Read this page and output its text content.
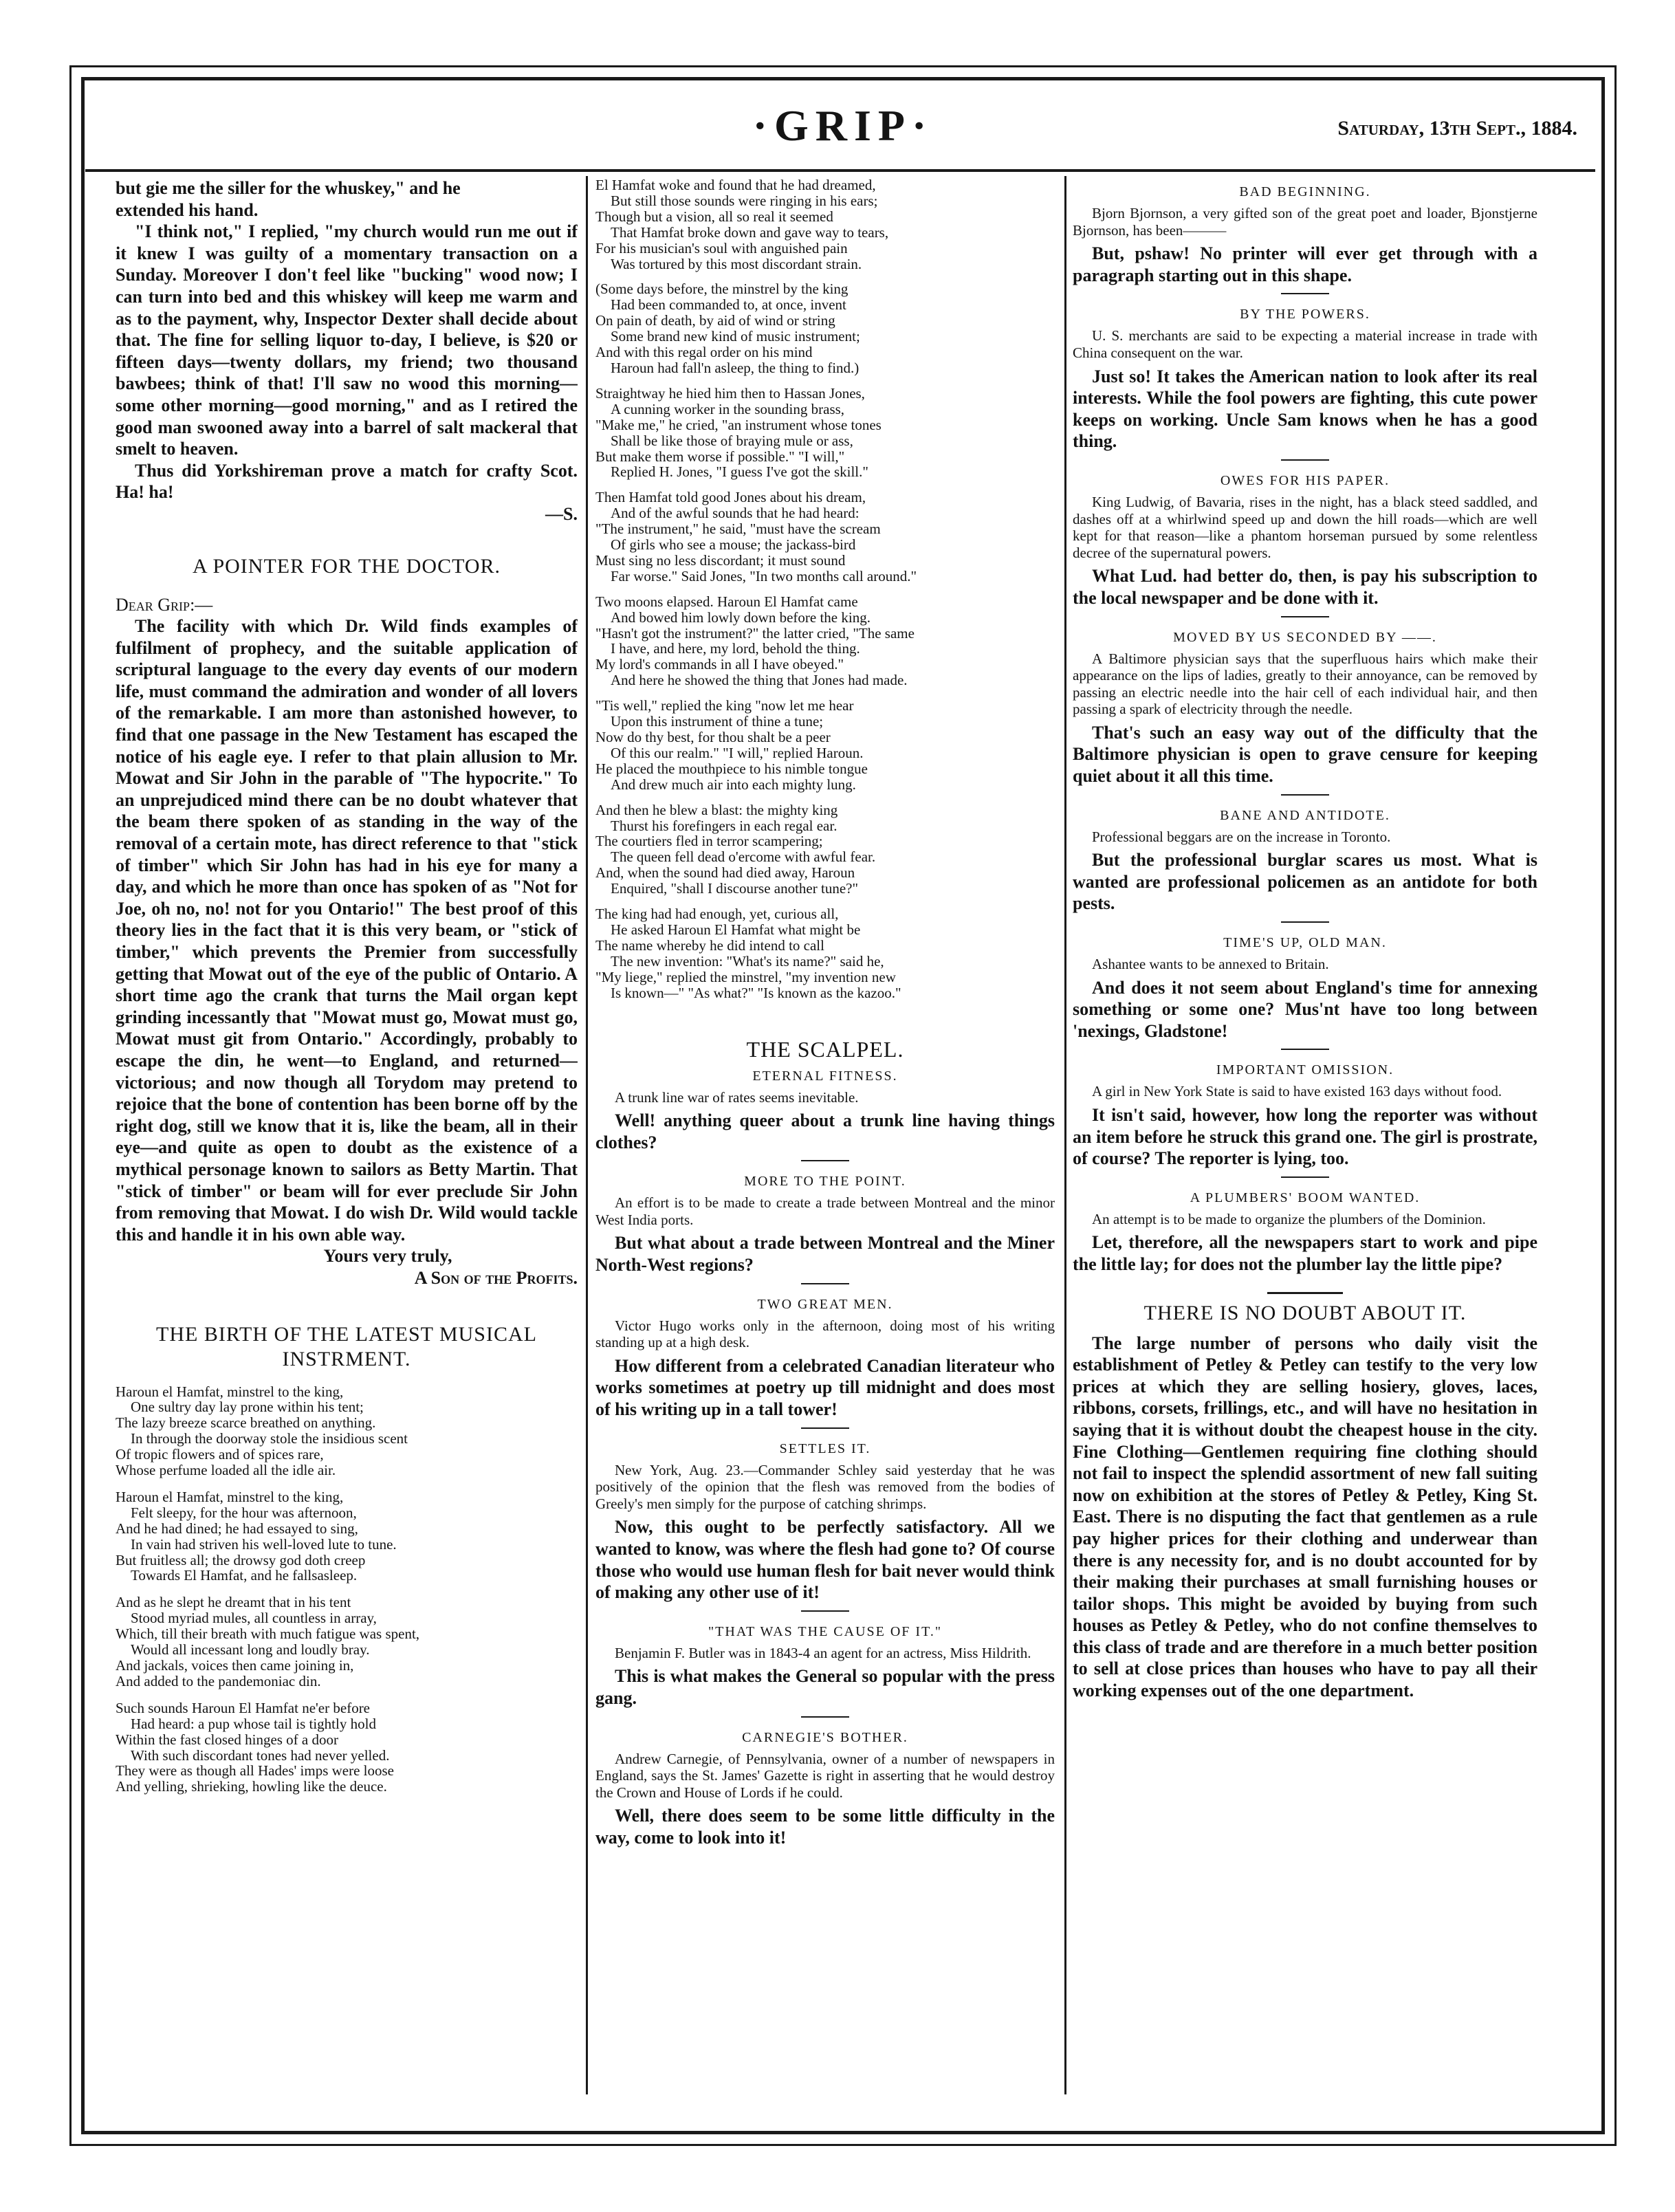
·GRIP·	Saturday, 13th Sept., 1884.

but gie me the siller for the whuskey," and he

extended his hand.

"I think not," I replied, "my church would run me out if it knew I was guilty of a momentary transaction on a Sunday. Moreover I don't feel like "bucking" wood now; I can turn into bed and this whiskey will keep me warm and as to the payment, why, Inspector Dexter shall decide about that. The fine for selling liquor to-day, I believe, is $20 or fifteen days—twenty dollars, my friend; two thousand bawbees; think of that! I'll saw no wood this morning—some other morning—good morning," and as I retired the good man swooned away into a barrel of salt mackeral that smelt to heaven.

Thus did Yorkshireman prove a match for crafty Scot. Ha! ha!

—S.

A POINTER FOR THE DOCTOR.

Dear Grip:—

The facility with which Dr. Wild finds examples of fulfilment of prophecy, and the suitable application of scriptural language to the every day events of our modern life, must command the admiration and wonder of all lovers of the remarkable. I am more than astonished however, to find that one passage in the New Testament has escaped the notice of his eagle eye. I refer to that plain allusion to Mr. Mowat and Sir John in the parable of "The hypocrite." To an unprejudiced mind there can be no doubt whatever that the beam there spoken of as standing in the way of the removal of a certain mote, has direct reference to that "stick of timber" which Sir John has had in his eye for many a day, and which he more than once has spoken of as "Not for Joe, oh no, no! not for you Ontario!" The best proof of this theory lies in the fact that it is this very beam, or "stick of timber," which prevents the Premier from successfully getting that Mowat out of the eye of the public of Ontario. A short time ago the crank that turns the Mail organ kept grinding incessantly that "Mowat must go, Mowat must go, Mowat must git from Ontario." Accordingly, probably to escape the din, he went—to England, and returned—victorious; and now though all Torydom may pretend to rejoice that the bone of contention has been borne off by the right dog, still we know that it is, like the beam, all in their eye—and quite as open to doubt as the existence of a mythical personage known to sailors as Betty Martin. That "stick of timber" or beam will for ever preclude Sir John from removing that Mowat. I do wish Dr. Wild would tackle this and handle it in his own able way.

Yours very truly,

A Son of the Profits.

THE BIRTH OF THE LATEST MUSICAL INSTRMENT.

Haroun el Hamfat, minstrel to the king,

One sultry day lay prone within his tent;

The lazy breeze scarce breathed on anything.

In through the doorway stole the insidious scent

Of tropic flowers and of spices rare,

Whose perfume loaded all the idle air.

Haroun el Hamfat, minstrel to the king,

Felt sleepy, for the hour was afternoon,

And he had dined; he had essayed to sing,

In vain had striven his well-loved lute to tune.

But fruitless all; the drowsy god doth creep

Towards El Hamfat, and he fallsasleep.

And as he slept he dreamt that in his tent

Stood myriad mules, all countless in array,

Which, till their breath with much fatigue was spent,

Would all incessant long and loudly bray.

And jackals, voices then came joining in,

And added to the pandemoniac din.

Such sounds Haroun El Hamfat ne'er before

Had heard: a pup whose tail is tightly hold

Within the fast closed hinges of a door

With such discordant tones had never yelled.

They were as though all Hades' imps were loose

And yelling, shrieking, howling like the deuce.

El Hamfat woke and found that he had dreamed,

But still those sounds were ringing in his ears;

Though but a vision, all so real it seemed

That Hamfat broke down and gave way to tears,

For his musician's soul with anguished pain

Was tortured by this most discordant strain.

(Some days before, the minstrel by the king

Had been commanded to, at once, invent

On pain of death, by aid of wind or string

Some brand new kind of music instrument;

And with this regal order on his mind

Haroun had fall'n asleep, the thing to find.)

Straightway he hied him then to Hassan Jones,

A cunning worker in the sounding brass,

"Make me," he cried, "an instrument whose tones

Shall be like those of braying mule or ass,

But make them worse if possible." "I will,"

Replied H. Jones, "I guess I've got the skill."

Then Hamfat told good Jones about his dream,

And of the awful sounds that he had heard:

"The instrument," he said, "must have the scream

Of girls who see a mouse; the jackass-bird

Must sing no less discordant; it must sound

Far worse." Said Jones, "In two months call around."

Two moons elapsed. Haroun El Hamfat came

And bowed him lowly down before the king.

"Hasn't got the instrument?" the latter cried, "The same

I have, and here, my lord, behold the thing.

My lord's commands in all I have obeyed."

And here he showed the thing that Jones had made.

"Tis well," replied the king "now let me hear

Upon this instrument of thine a tune;

Now do thy best, for thou shalt be a peer

Of this our realm." "I will," replied Haroun.

He placed the mouthpiece to his nimble tongue

And drew much air into each mighty lung.

And then he blew a blast: the mighty king

Thurst his forefingers in each regal ear.

The courtiers fled in terror scampering;

The queen fell dead o'ercome with awful fear.

And, when the sound had died away, Haroun

Enquired, "shall I discourse another tune?"

The king had had enough, yet, curious all,

He asked Haroun El Hamfat what might be

The name whereby he did intend to call

The new invention: "What's its name?" said he,

"My liege," replied the minstrel, "my invention new

Is known—" "As what?" "Is known as the kazoo."

THE SCALPEL.

ETERNAL FITNESS.

A trunk line war of rates seems inevitable.

Well! anything queer about a trunk line having things clothes?

MORE TO THE POINT.

An effort is to be made to create a trade between Montreal and the minor West India ports.

But what about a trade between Montreal and the Miner North-West regions?

TWO GREAT MEN.

Victor Hugo works only in the afternoon, doing most of his writing standing up at a high desk.

How different from a celebrated Canadian literateur who works sometimes at poetry up till midnight and does most of his writing up in a tall tower!

SETTLES IT.

New York, Aug. 23.—Commander Schley said yesterday that he was positively of the opinion that the flesh was removed from the bodies of Greely's men simply for the purpose of catching shrimps.

Now, this ought to be perfectly satisfactory. All we wanted to know, was where the flesh had gone to? Of course those who would use human flesh for bait never would think of making any other use of it!

"THAT WAS THE CAUSE OF IT."

Benjamin F. Butler was in 1843-4 an agent for an actress, Miss Hildrith.

This is what makes the General so popular with the press gang.

CARNEGIE'S BOTHER.

Andrew Carnegie, of Pennsylvania, owner of a number of newspapers in England, says the St. James' Gazette is right in asserting that he would destroy the Crown and House of Lords if he could.

Well, there does seem to be some little difficulty in the way, come to look into it!

BAD BEGINNING.

Bjorn Bjornson, a very gifted son of the great poet and loader, Bjonstjerne Bjornson, has been———

But, pshaw! No printer will ever get through with a paragraph starting out in this shape.

BY THE POWERS.

U. S. merchants are said to be expecting a material increase in trade with China consequent on the war.

Just so! It takes the American nation to look after its real interests. While the fool powers are fighting, this cute power keeps on working. Uncle Sam knows when he has a good thing.

OWES FOR HIS PAPER.

King Ludwig, of Bavaria, rises in the night, has a black steed saddled, and dashes off at a whirlwind speed up and down the hill roads—which are well kept for that reason—like a phantom horseman pursued by some relentless decree of the supernatural powers.

What Lud. had better do, then, is pay his subscription to the local newspaper and be done with it.

MOVED BY US SECONDED BY ——.

A Baltimore physician says that the superfluous hairs which make their appearance on the lips of ladies, greatly to their annoyance, can be removed by passing an electric needle into the hair cell of each individual hair, and then passing a spark of electricity through the needle.

That's such an easy way out of the difficulty that the Baltimore physician is open to grave censure for keeping quiet about it all this time.

BANE AND ANTIDOTE.

Professional beggars are on the increase in Toronto.

But the professional burglar scares us most. What is wanted are professional policemen as an antidote for both pests.

TIME'S UP, OLD MAN.

Ashantee wants to be annexed to Britain.

And does it not seem about England's time for annexing something or some one? Mus'nt have too long between 'nexings, Gladstone!

IMPORTANT OMISSION.

A girl in New York State is said to have existed 163 days without food.

It isn't said, however, how long the reporter was without an item before he struck this grand one. The girl is prostrate, of course? The reporter is lying, too.

A PLUMBERS' BOOM WANTED.

An attempt is to be made to organize the plumbers of the Dominion.

Let, therefore, all the newspapers start to work and pipe the little lay; for does not the plumber lay the little pipe?

THERE IS NO DOUBT ABOUT IT.

The large number of persons who daily visit the establishment of Petley & Petley can testify to the very low prices at which they are selling hosiery, gloves, laces, ribbons, corsets, frillings, etc., and will have no hesitation in saying that it is without doubt the cheapest house in the city. Fine Clothing—Gentlemen requiring fine clothing should not fail to inspect the splendid assortment of new fall suiting now on exhibition at the stores of Petley & Petley, King St. East. There is no disputing the fact that gentlemen as a rule pay higher prices for their clothing and underwear than there is any necessity for, and is no doubt accounted for by their making their purchases at small furnishing houses or tailor shops. This might be avoided by buying from such houses as Petley & Petley, who do not confine themselves to this class of trade and are therefore in a much better position to sell at close prices than houses who have to pay all their working expenses out of the one department.
